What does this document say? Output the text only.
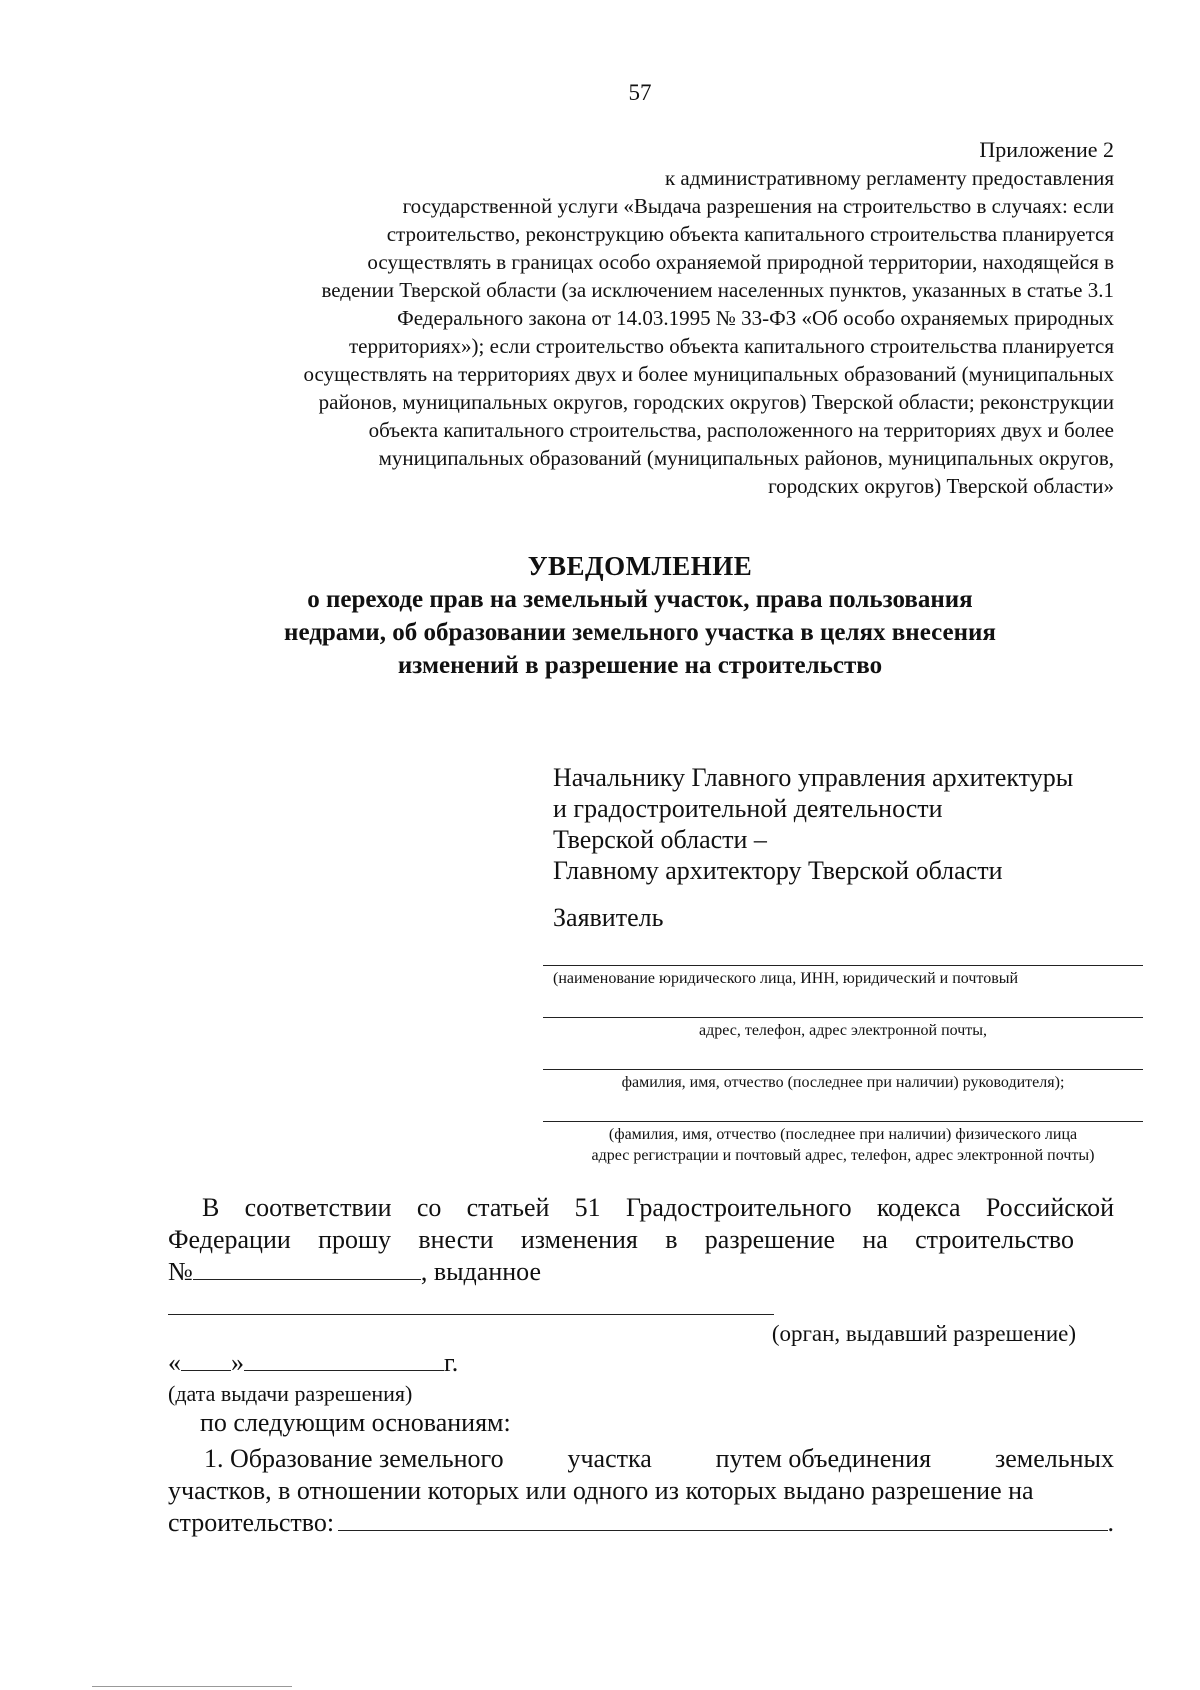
57
Приложение 2
к административному регламенту предоставления
государственной услуги «Выдача разрешения на строительство в случаях: если
строительство, реконструкцию объекта капитального строительства планируется
осуществлять в границах особо охраняемой природной территории, находящейся в
ведении Тверской области (за исключением населенных пунктов, указанных в статье 3.1
Федерального закона от 14.03.1995 № 33-ФЗ «Об особо охраняемых природных
территориях»); если строительство объекта капитального строительства планируется
осуществлять на территориях двух и более муниципальных образований (муниципальных
районов, муниципальных округов, городских округов) Тверской области; реконструкции
объекта капитального строительства, расположенного на территориях двух и более
муниципальных образований (муниципальных районов, муниципальных округов,
городских округов) Тверской области»
УВЕДОМЛЕНИЕ
о переходе прав на земельный участок, права пользования
недрами, об образовании земельного участка в целях внесения
изменений в разрешение на строительство
Начальнику Главного управления архитектуры
и градостроительной деятельности
Тверской области –
Главному архитектору Тверской области
Заявитель
(наименование юридического лица, ИНН, юридический и почтовый
адрес, телефон, адрес электронной почты,
фамилия, имя, отчество (последнее при наличии) руководителя);
(фамилия, имя, отчество (последнее при наличии) физического лица
адрес регистрации и почтовый адрес, телефон, адрес электронной почты)
В соответствии со статьей 51 Градостроительного кодекса Российской
Федерации прошу внести изменения в разрешение на строительство
№	, выданное
(орган, выдавший разрешение)
« »	г.
(дата выдачи разрешения)
по следующим основаниям:
1. Образование земельного участка путем объединения земельных
участков, в отношении которых или одного из которых выдано разрешение на
строительство:	.
